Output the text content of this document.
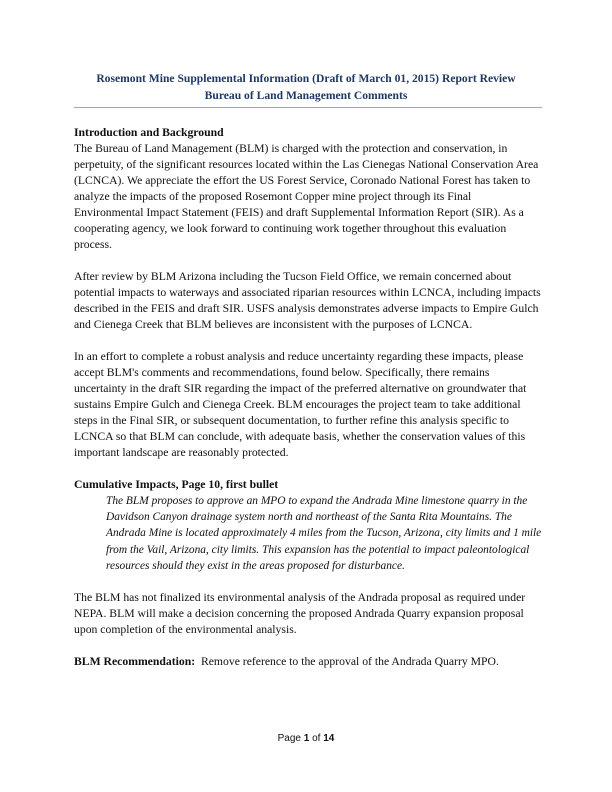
Rosemont Mine Supplemental Information (Draft of March 01, 2015) Report Review
Bureau of Land Management Comments
Introduction and Background

The Bureau of Land Management (BLM) is charged with the protection and conservation, in perpetuity, of the significant resources located within the Las Cienegas National Conservation Area (LCNCA). We appreciate the effort the US Forest Service, Coronado National Forest has taken to analyze the impacts of the proposed Rosemont Copper mine project through its Final Environmental Impact Statement (FEIS) and draft Supplemental Information Report (SIR). As a cooperating agency, we look forward to continuing work together throughout this evaluation process.

After review by BLM Arizona including the Tucson Field Office, we remain concerned about potential impacts to waterways and associated riparian resources within LCNCA, including impacts described in the FEIS and draft SIR. USFS analysis demonstrates adverse impacts to Empire Gulch and Cienega Creek that BLM believes are inconsistent with the purposes of LCNCA.

In an effort to complete a robust analysis and reduce uncertainty regarding these impacts, please accept BLM's comments and recommendations, found below. Specifically, there remains uncertainty in the draft SIR regarding the impact of the preferred alternative on groundwater that sustains Empire Gulch and Cienega Creek. BLM encourages the project team to take additional steps in the Final SIR, or subsequent documentation, to further refine this analysis specific to LCNCA so that BLM can conclude, with adequate basis, whether the conservation values of this important landscape are reasonably protected.

Cumulative Impacts, Page 10, first bullet
The BLM proposes to approve an MPO to expand the Andrada Mine limestone quarry in the Davidson Canyon drainage system north and northeast of the Santa Rita Mountains. The Andrada Mine is located approximately 4 miles from the Tucson, Arizona, city limits and 1 mile from the Vail, Arizona, city limits. This expansion has the potential to impact paleontological resources should they exist in the areas proposed for disturbance.

The BLM has not finalized its environmental analysis of the Andrada proposal as required under NEPA. BLM will make a decision concerning the proposed Andrada Quarry expansion proposal upon completion of the environmental analysis.

BLM Recommendation:  Remove reference to the approval of the Andrada Quarry MPO.

Page 1 of 14
